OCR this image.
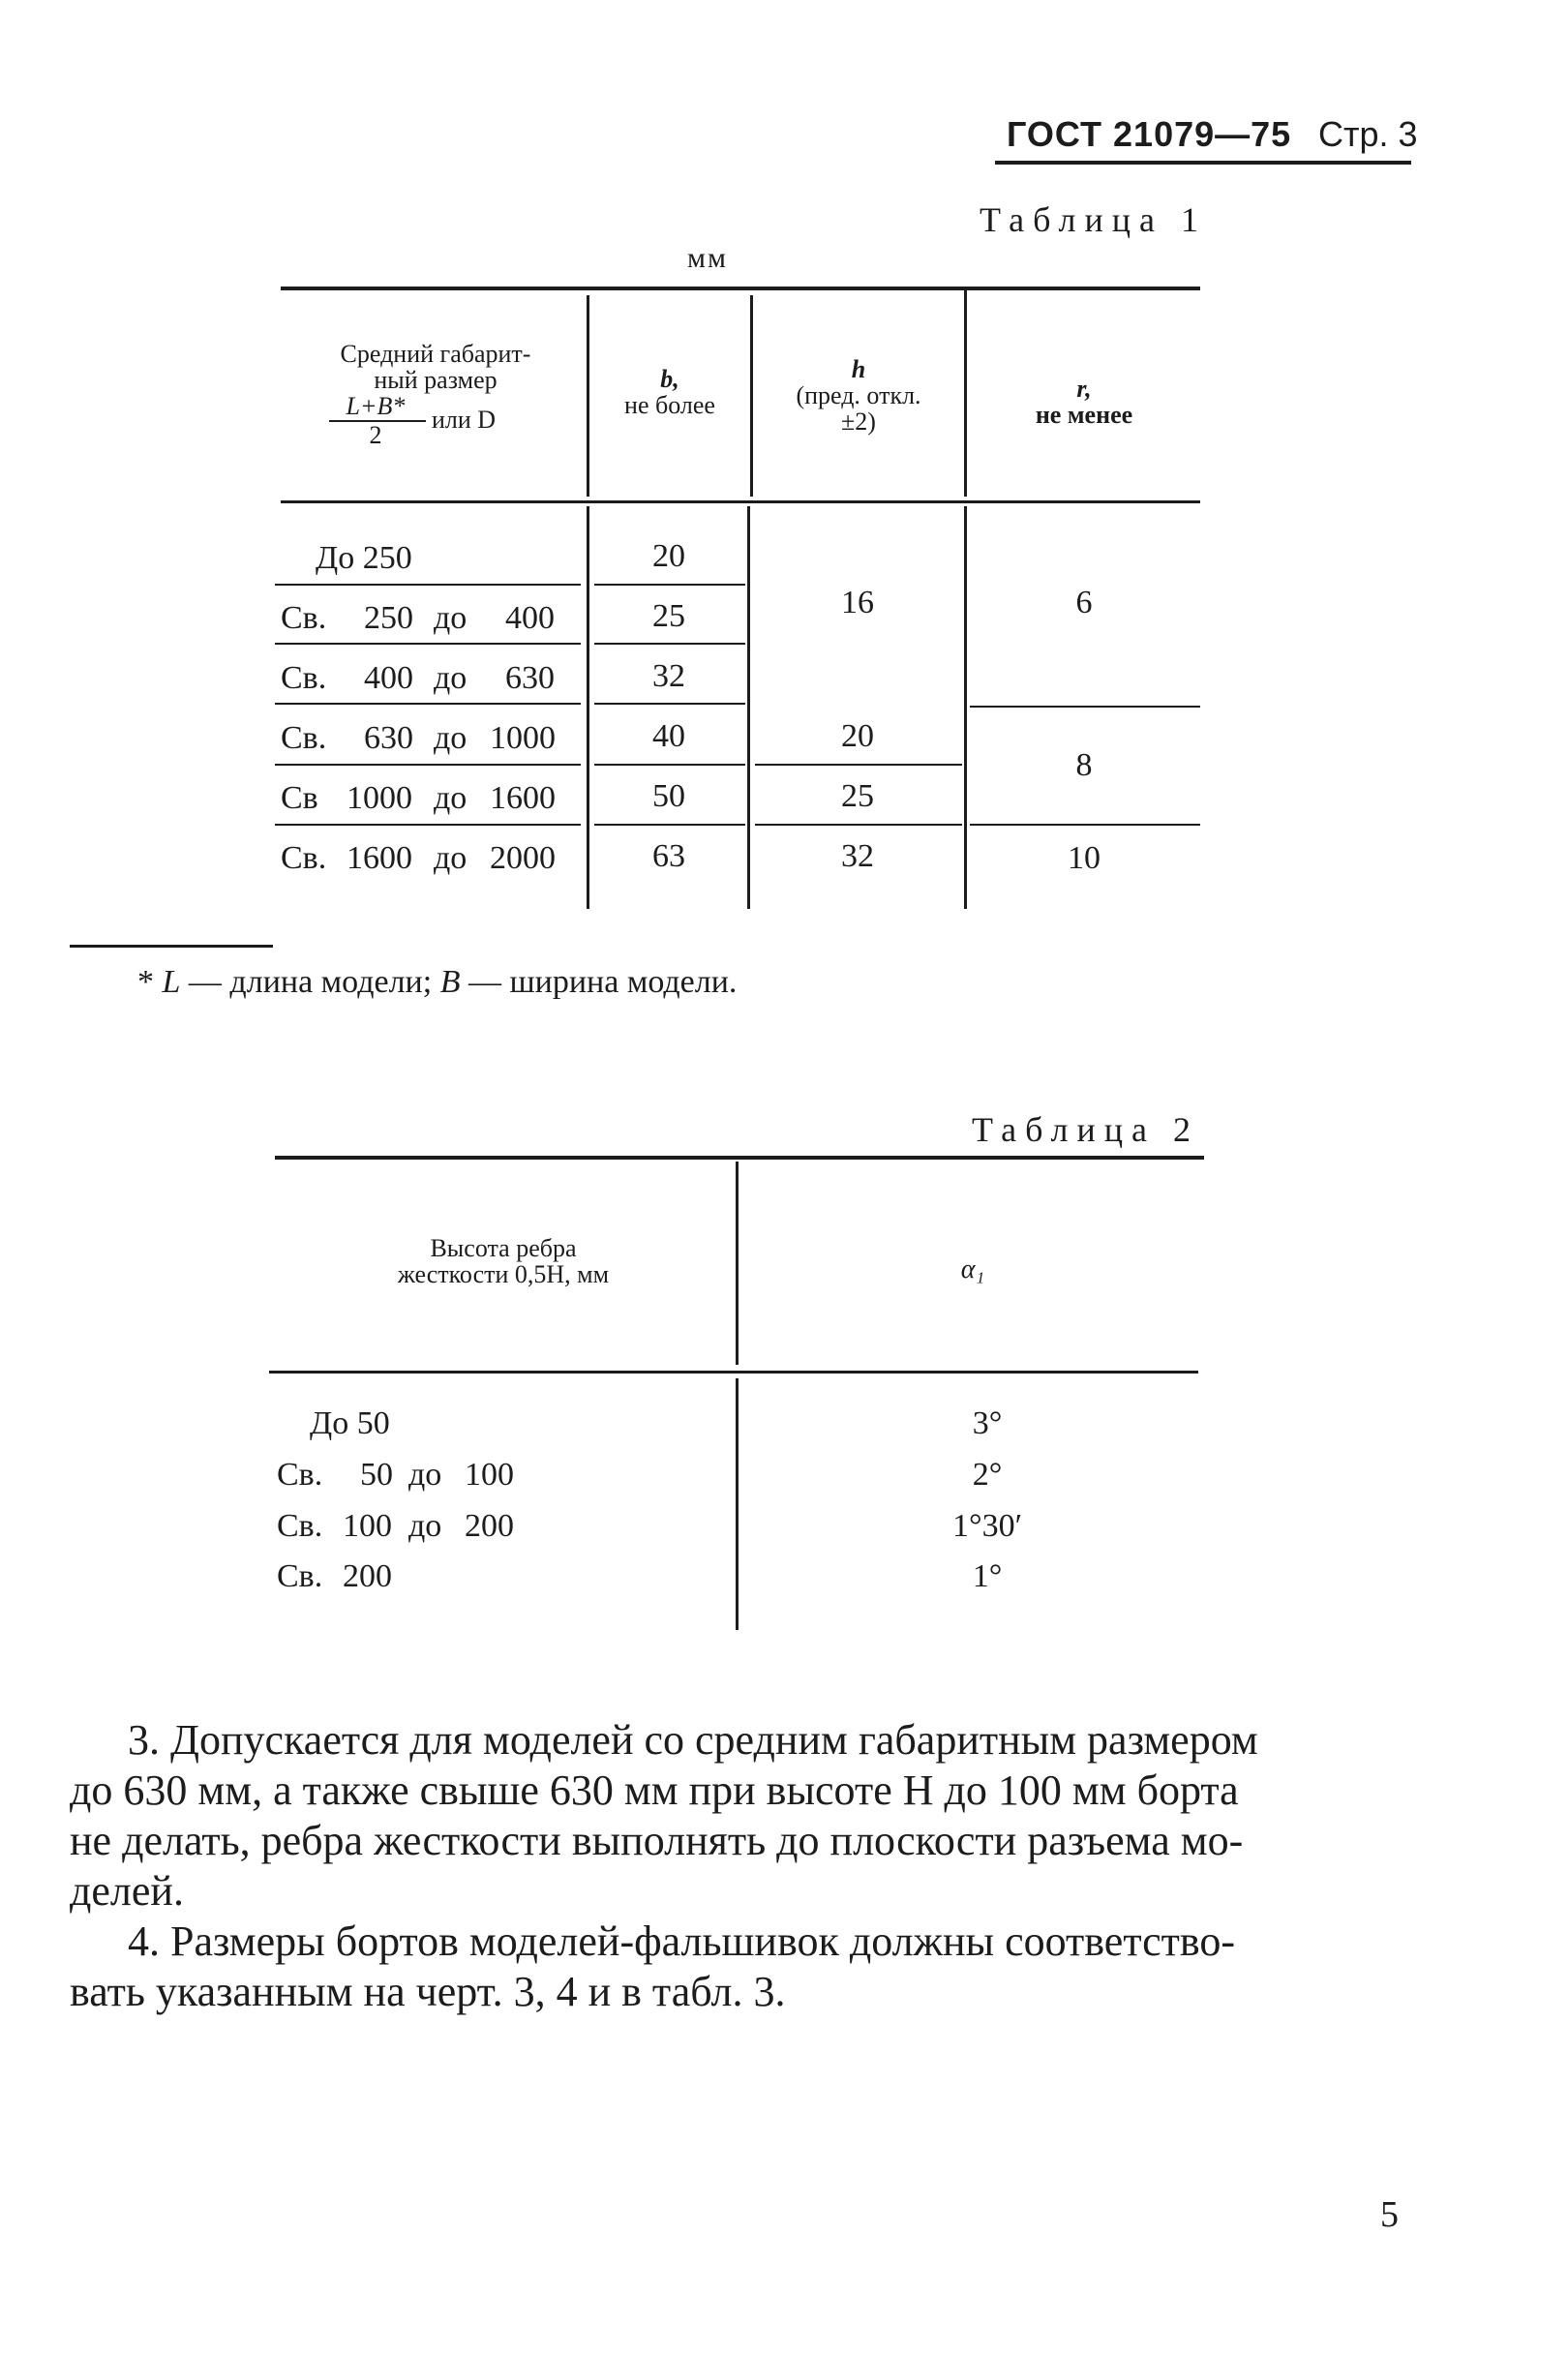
ГОСТ 21079—75 Стр. 3
Таблица 1
мм
Средний габарит-
ный размер
L+B*
2
или D
b,
не более
h
(пред. откл.
±2)
r,
не менее
До 250
Св. 250 до 400
Св. 400 до 630
Св. 630 до 1000
Св 1000 до 1600
Св. 1600 до 2000
20
25
32
40
50
63
16
20
25
32
6
8
10
* L — длина модели; B — ширина модели.
Таблица 2
Высота ребра
жесткости 0,5H, мм	α₁
До 50
Св. 50 до 100
Св. 100 до 200
Св. 200
3°
2°
1°30′
1°
3. Допускается для моделей со средним габаритным размером
до 630 мм, а также свыше 630 мм при высоте H до 100 мм борта
не делать, ребра жесткости выполнять до плоскости разъема мо-
делей.
4. Размеры бортов моделей-фальшивок должны соответство-
вать указанным на черт. 3, 4 и в табл. 3.
5
